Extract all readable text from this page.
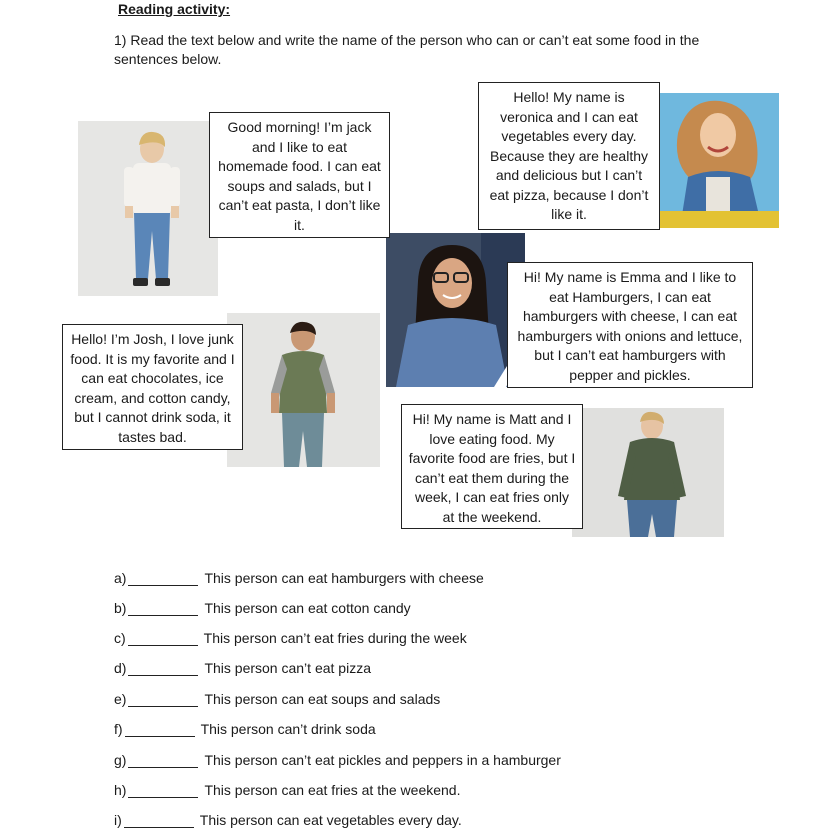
Reading activity:
1) Read the text below and write the name of the person who can or can’t eat some food in the sentences below.
Good morning! I’m jack and I like to eat homemade food. I can eat soups and salads, but I can’t eat pasta, I don’t like it.
Hello! My name is veronica and I can eat vegetables every day. Because they are healthy and delicious but I can’t eat pizza, because I don’t like it.
Hi! My name is Emma and I like to eat Hamburgers, I can eat hamburgers with cheese, I can eat hamburgers with onions and lettuce, but I can’t eat hamburgers with pepper and pickles.
Hello! I’m Josh, I love junk food. It is my favorite and I can eat chocolates, ice cream, and cotton candy, but I cannot drink soda, it tastes bad.
Hi! My name is Matt and I love eating food. My favorite food are fries, but I can’t eat them during the week, I can eat fries only at the weekend.
a)	This person can eat hamburgers with cheese
b)	This person can eat cotton candy
c)	This person can’t eat fries during the week
d)	This person can’t eat pizza
e)	This person can eat soups and salads
f)	This person can’t drink soda
g)	This person can’t eat pickles and peppers in a hamburger
h)	This person can eat fries at the weekend.
i)	This person can eat vegetables every day.
